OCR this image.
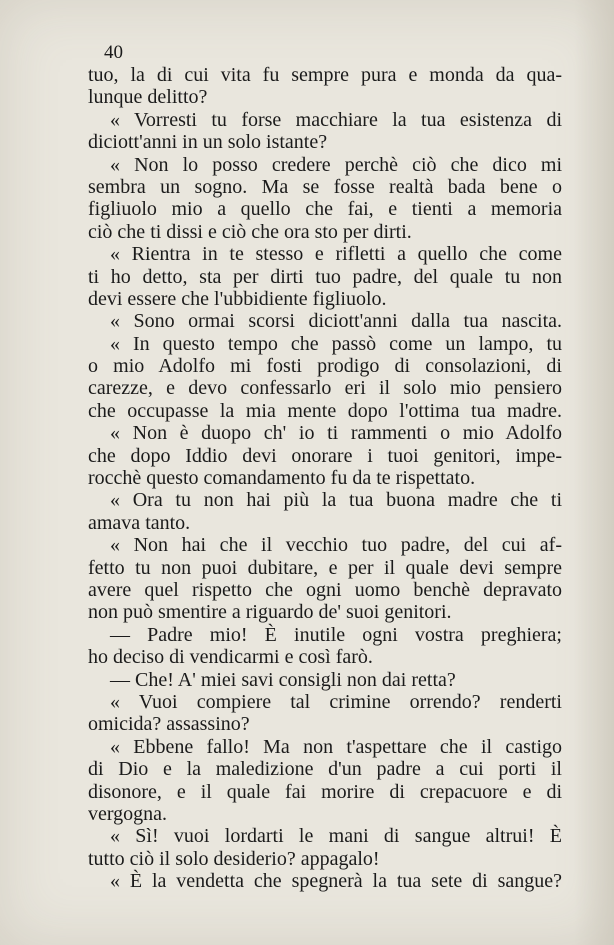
40

tuo, la di cui vita fu sempre pura e monda da qua-
lunque delitto?
« Vorresti tu forse macchiare la tua esistenza di
diciott'anni in un solo istante?
« Non lo posso credere perchè ciò che dico mi
sembra un sogno. Ma se fosse realtà bada bene o
figliuolo mio a quello che fai, e tienti a memoria
ciò che ti dissi e ciò che ora sto per dirti.
« Rientra in te stesso e rifletti a quello che come
ti ho detto, sta per dirti tuo padre, del quale tu non
devi essere che l'ubbidiente figliuolo.
« Sono ormai scorsi diciott'anni dalla tua nascita.
« In questo tempo che passò come un lampo, tu
o mio Adolfo mi fosti prodigo di consolazioni, di
carezze, e devo confessarlo eri il solo mio pensiero
che occupasse la mia mente dopo l'ottima tua madre.
« Non è duopo ch' io ti rammenti o mio Adolfo
che dopo Iddio devi onorare i tuoi genitori, impe-
rocchè questo comandamento fu da te rispettato.
« Ora tu non hai più la tua buona madre che ti
amava tanto.
« Non hai che il vecchio tuo padre, del cui af-
fetto tu non puoi dubitare, e per il quale devi sempre
avere quel rispetto che ogni uomo benchè depravato
non può smentire a riguardo de' suoi genitori.
— Padre mio! È inutile ogni vostra preghiera;
ho deciso di vendicarmi e così farò.
— Che! A' miei savi consigli non dai retta?
« Vuoi compiere tal crimine orrendo? renderti
omicida? assassino?
« Ebbene fallo! Ma non t'aspettare che il castigo
di Dio e la maledizione d'un padre a cui porti il
disonore, e il quale fai morire di crepacuore e di
vergogna.
« Sì! vuoi lordarti le mani di sangue altrui! È
tutto ciò il solo desiderio? appagalo!
« È la vendetta che spegnerà la tua sete di sangue?
